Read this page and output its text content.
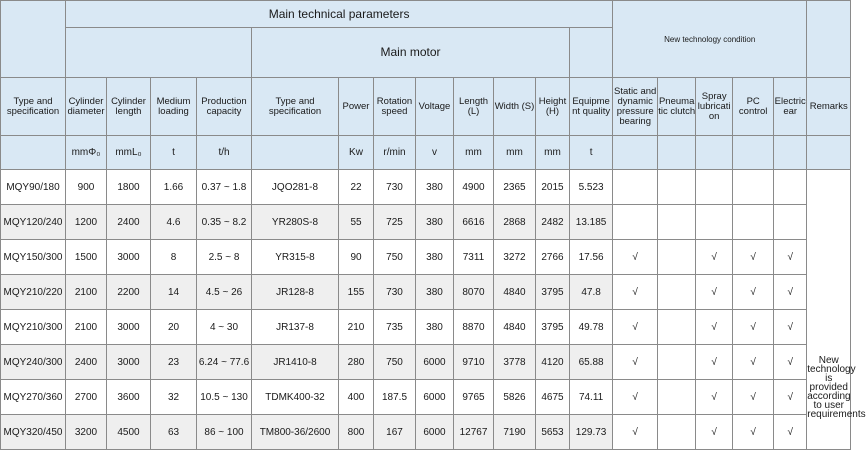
	Main technical parameters												New technology condition					
					Main motor													
Type and specification	Cylinder diameter	Cylinder length	Medium loading	Production capacity	Type and specification	Power	Rotation speed	Voltage	Length (L)	Width (S)	Height (H)	Equipme nt quality	Static and dynamic pressure bearing	Pneuma tic clutch	Spray lubricati on	PC control	Electric ear	Remarks
	mmΦ₀	mmL₀	t	t/h		Kw	r/min	v	mm	mm	mm	t						
MQY90/180	900	1800	1.66	0.37 ~ 1.8	JQO281-8	22	730	380	4900	2365	2015	5.523						New technology is provided according to user requirements

MQY120/240	1200	2400	4.6	0.35 ~ 8.2	YR280S-8	55	725	380	6616	2868	2482	13.185						
MQY150/300	1500	3000	8	2.5 ~ 8	YR315-8	90	750	380	7311	3272	2766	17.56	√		√	√	√	
MQY210/220	2100	2200	14	4.5 ~ 26	JR128-8	155	730	380	8070	4840	3795	47.8	√		√	√	√	
MQY210/300	2100	3000	20	4 ~ 30	JR137-8	210	735	380	8870	4840	3795	49.78	√		√	√	√	
MQY240/300	2400	3000	23	6.24 ~ 77.6	JR1410-8	280	750	6000	9710	3778	4120	65.88	√		√	√	√	
MQY270/360	2700	3600	32	10.5 ~ 130	TDMK400-32	400	187.5	6000	9765	5826	4675	74.11	√		√	√	√	
MQY320/450	3200	4500	63	86 ~ 100	TM800-36/2600	800	167	6000	12767	7190	5653	129.73	√		√	√	√	
